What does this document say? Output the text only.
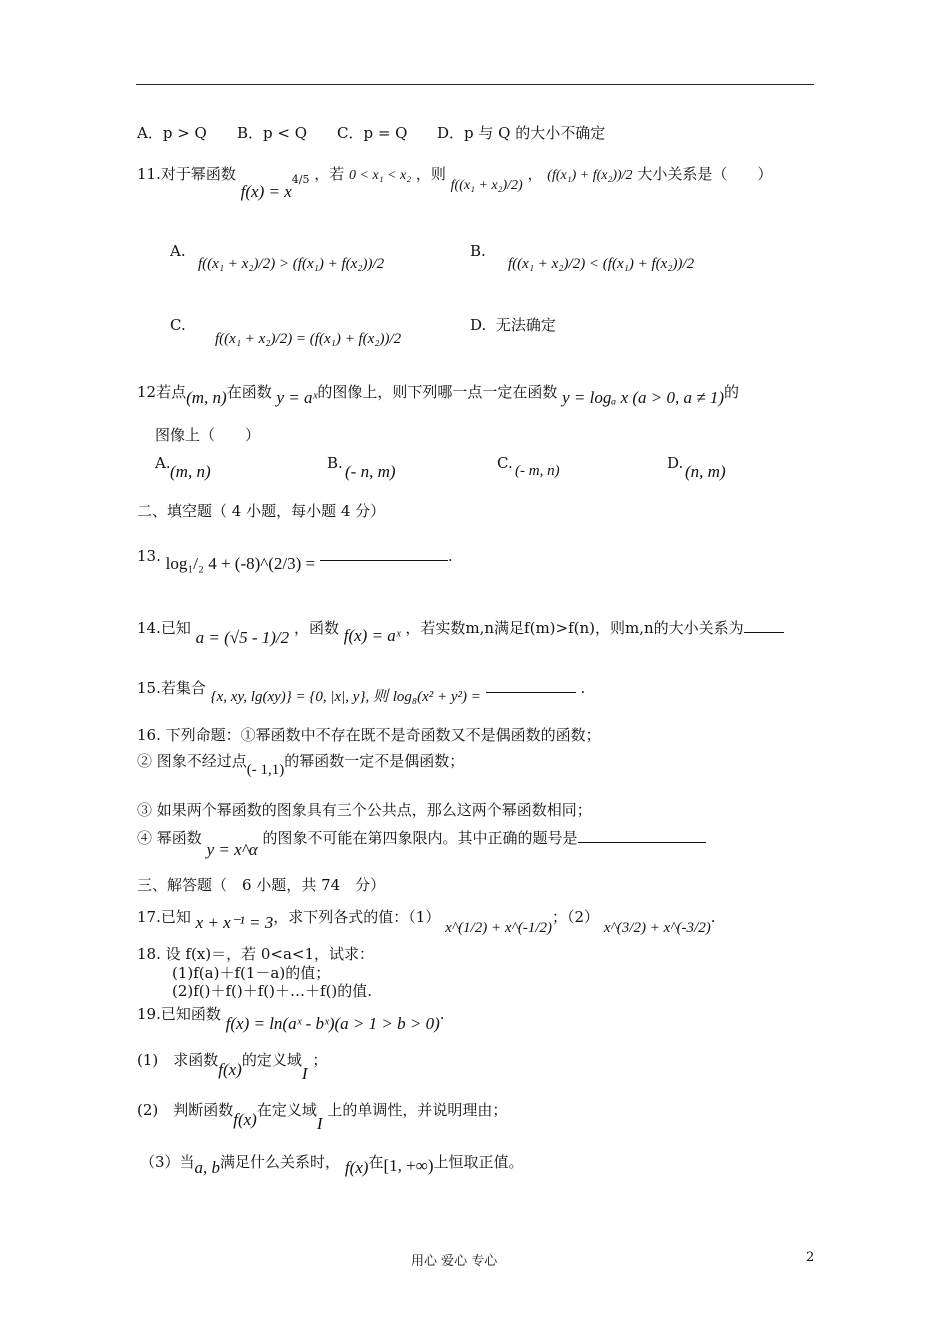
A．p > Q B．p < Q C．p = Q D．p 与 Q 的大小不确定
11.对于幂函数 $f(x) = x_{4/5}$ ，若 0 < x₁ < x₂ ，则 f((x₁ + x₂)/2) ， (f(x₁) + f(x₂))/2 大小关系是（　　）
A.
f((x₁ + x₂)/2) > (f(x₁) + f(x₂))/2
B.
f((x₁ + x₂)/2) < (f(x₁) + f(x₂))/2
C.
f((x₁ + x₂)/2) = (f(x₁) + f(x₂))/2
D. 无法确定
12若点(m, n)在函数 y = aˣ的图像上，则下列哪一点一定在函数 y = logₐ x (a > 0, a ≠ 1)的
图像上（　　）
A. (m, n)	B. (- n, m)	C. (- m, n)	D. (n, m)
二、填空题（ 4 小题，每小题 4 分）
13. log₁/₂ 4 + (-8)^(2/3) =	.
14.已知 a = (√5 - 1)/2 ，函数 f(x) = aˣ ，若实数m,n满足f(m)>f(n)，则m,n的大小关系为
15.若集合 {x, xy, lg(xy)} = {0, |x|, y}, 则 log₈(x² + y²) =	.
16. 下列命题：①幂函数中不存在既不是奇函数又不是偶函数的函数；
② 图象不经过点(- 1,1)的幂函数一定不是偶函数；
③ 如果两个幂函数的图象具有三个公共点，那么这两个幂函数相同；
④ 幂函数 y = x^α 的图象不可能在第四象限内。其中正确的题号是
三、解答题（　6 小题，共 74　分）
17.已知 x + x⁻¹ = 3，求下列各式的值：（1） x^(1/2) + x^(-1/2)；（2） x^(3/2) + x^(-3/2).
18. 设 f(x)＝，若 0<a<1，试求：
(1)f(a)＋f(1－a)的值；
(2)f()＋f()＋f()＋…＋f()的值.
19.已知函数 f(x) = ln(aˣ - bˣ)(a > 1 > b > 0).
(1)　求函数f(x)的定义域I ；
(2)　判断函数f(x)在定义域I 上的单调性，并说明理由；
（3）当a, b满足什么关系时， f(x)在[1, +∞)上恒取正值。
用心 爱心 专心	2
